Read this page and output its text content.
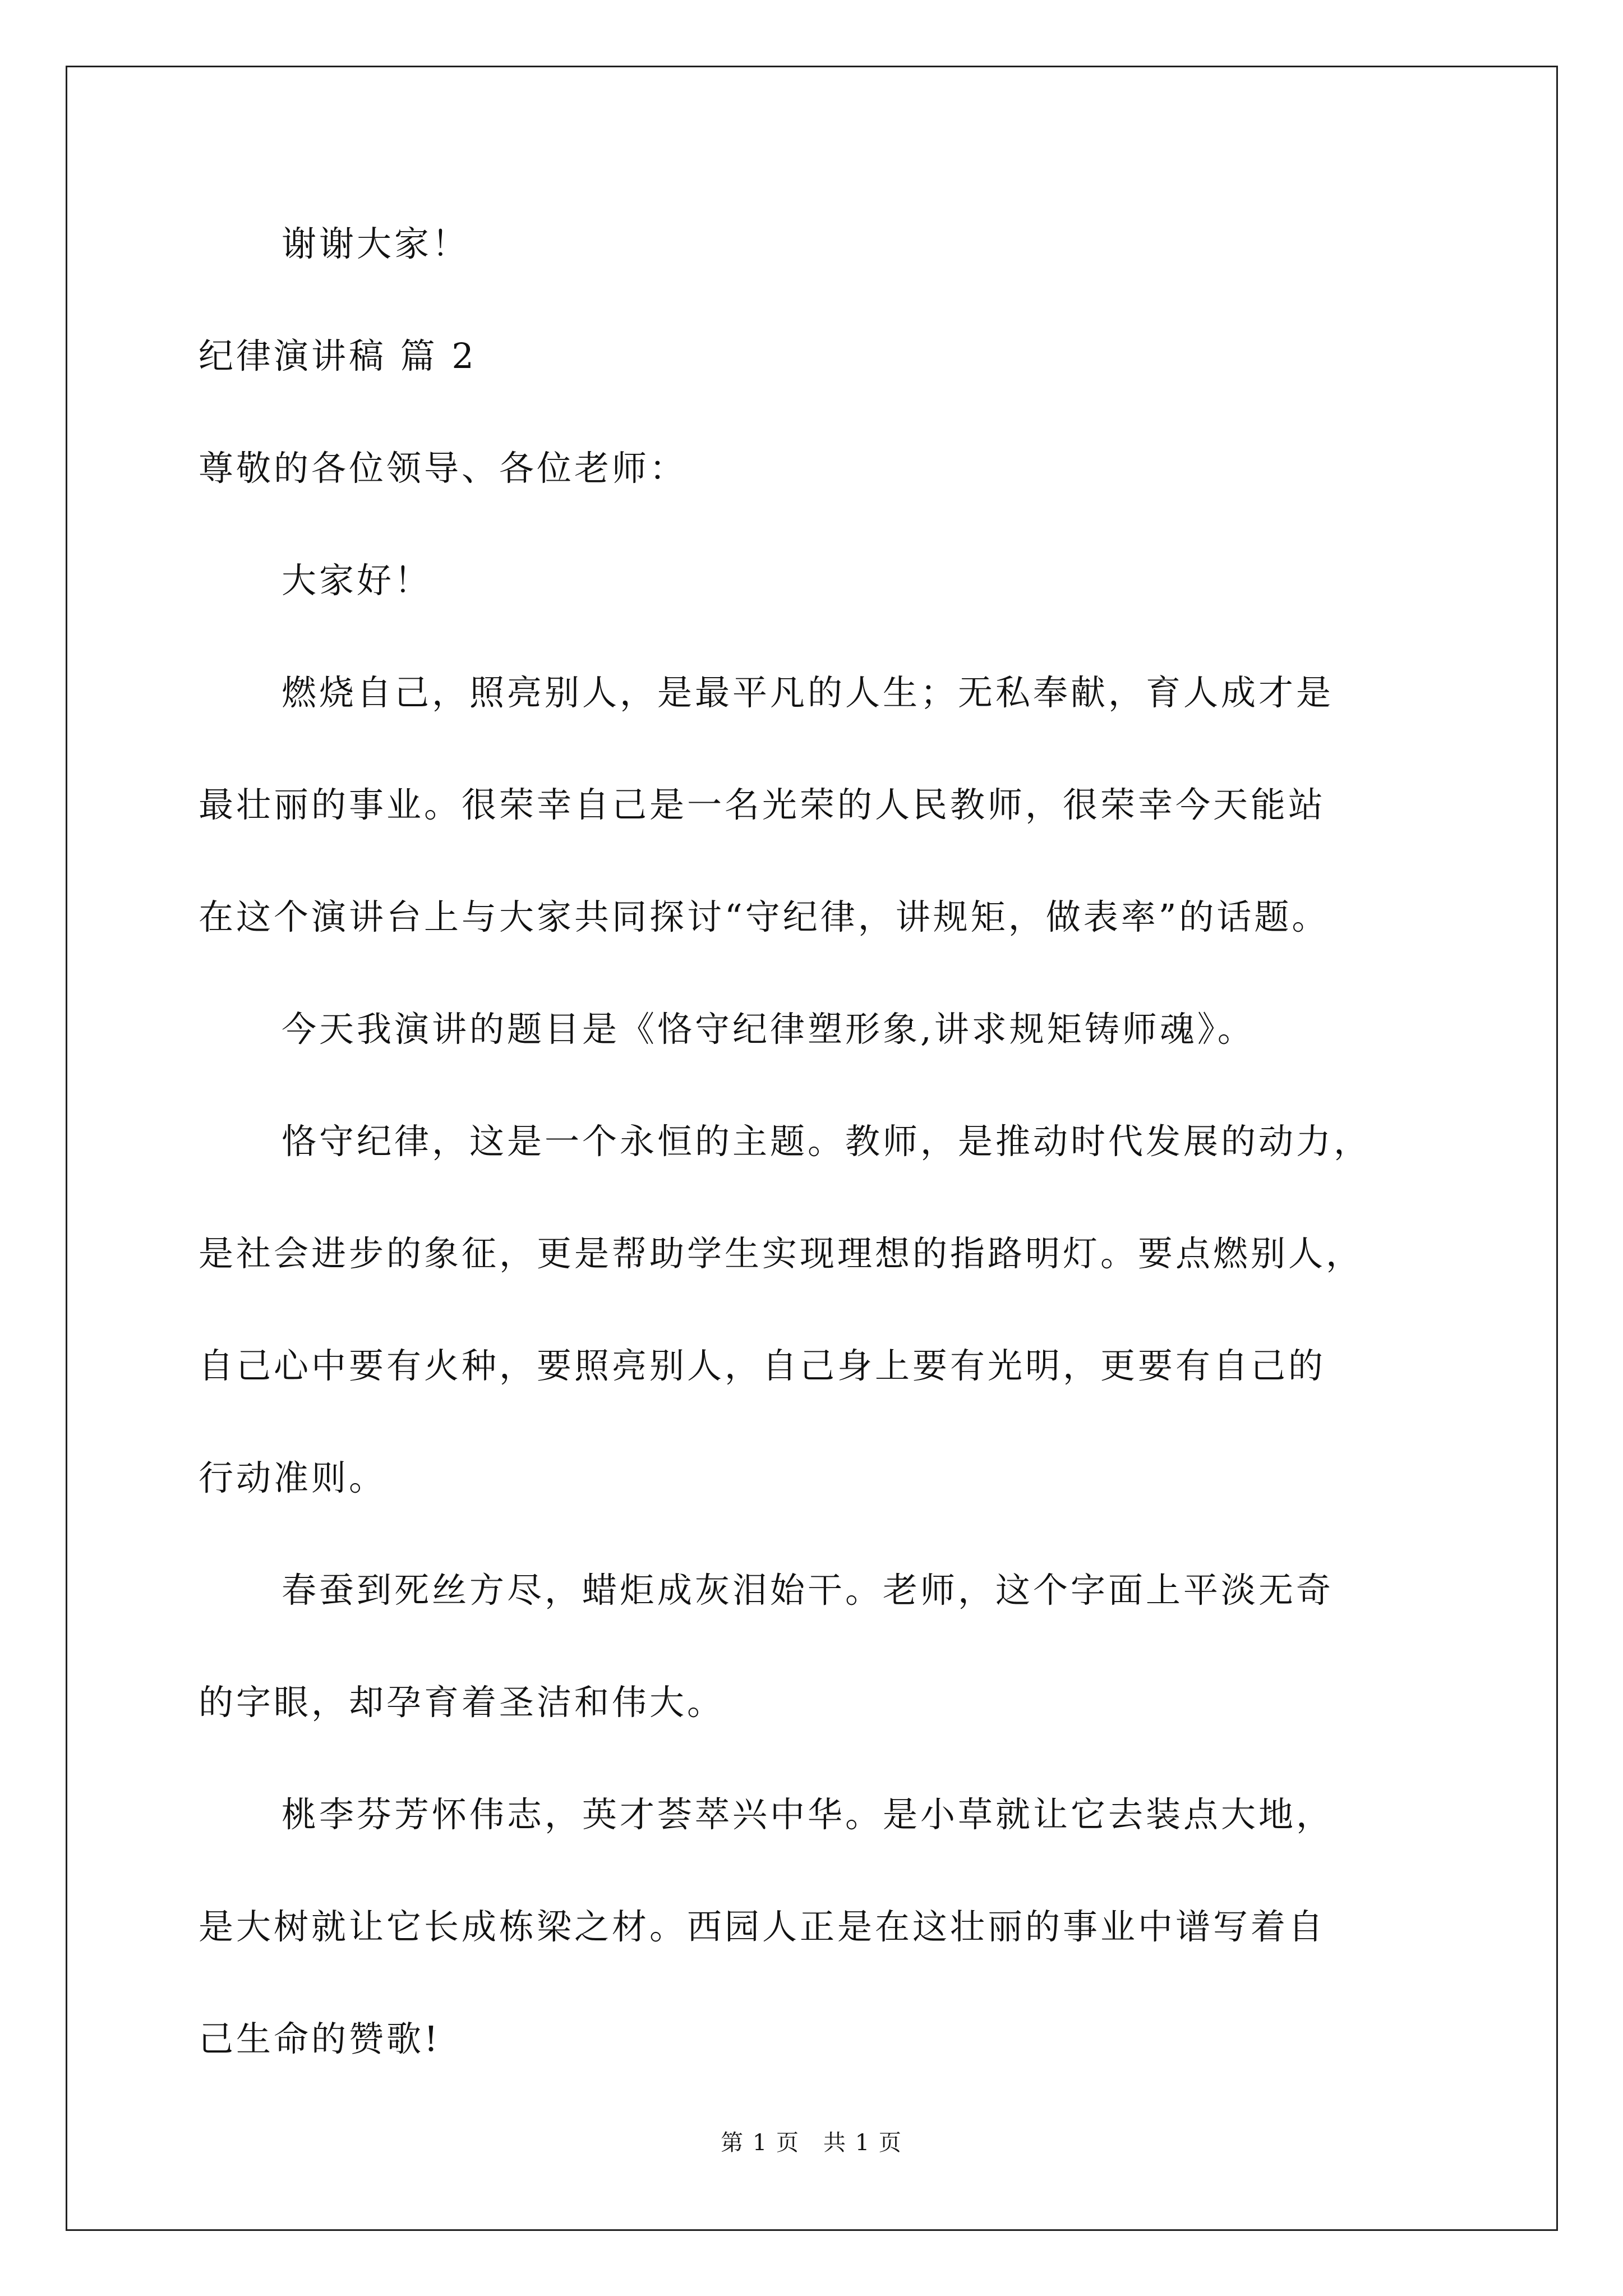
谢谢大家！
纪律演讲稿 篇 2
尊敬的各位领导、各位老师：
大家好！
燃烧自己，照亮别人，是最平凡的人生；无私奉献，育人成才是
最壮丽的事业。很荣幸自己是一名光荣的人民教师，很荣幸今天能站
在这个演讲台上与大家共同探讨“守纪律，讲规矩，做表率”的话题。
今天我演讲的题目是《恪守纪律塑形象,讲求规矩铸师魂》。
恪守纪律，这是一个永恒的主题。教师，是推动时代发展的动力，
是社会进步的象征，更是帮助学生实现理想的指路明灯。要点燃别人，
自己心中要有火种，要照亮别人，自己身上要有光明，更要有自己的
行动准则。
春蚕到死丝方尽，蜡炬成灰泪始干。老师，这个字面上平淡无奇
的字眼，却孕育着圣洁和伟大。
桃李芬芳怀伟志，英才荟萃兴中华。是小草就让它去装点大地，
是大树就让它长成栋梁之材。西园人正是在这壮丽的事业中谱写着自
己生命的赞歌!
第 1 页　共 1 页
